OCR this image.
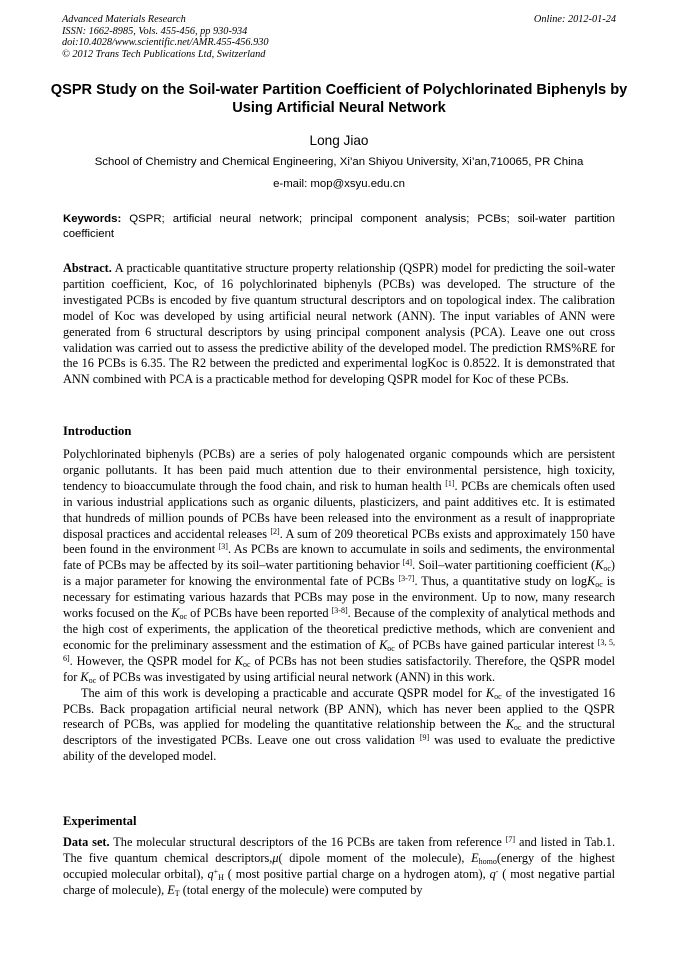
Advanced Materials Research
ISSN: 1662-8985, Vols. 455-456, pp 930-934
doi:10.4028/www.scientific.net/AMR.455-456.930
© 2012 Trans Tech Publications Ltd, Switzerland
Online: 2012-01-24
QSPR Study on the Soil-water Partition Coefficient of Polychlorinated Biphenyls by Using Artificial Neural Network
Long Jiao
School of Chemistry and Chemical Engineering, Xi’an Shiyou University, Xi’an,710065, PR China
e-mail: mop@xsyu.edu.cn
Keywords: QSPR; artificial neural network; principal component analysis; PCBs; soil-water partition coefficient
Abstract. A practicable quantitative structure property relationship (QSPR) model for predicting the soil-water partition coefficient, Koc, of 16 polychlorinated biphenyls (PCBs) was developed. The structure of the investigated PCBs is encoded by five quantum structural descriptors and on topological index. The calibration model of Koc was developed by using artificial neural network (ANN). The input variables of ANN were generated from 6 structural descriptors by using principal component analysis (PCA). Leave one out cross validation was carried out to assess the predictive ability of the developed model. The prediction RMS%RE for the 16 PCBs is 6.35. The R2 between the predicted and experimental logKoc is 0.8522. It is demonstrated that ANN combined with PCA is a practicable method for developing QSPR model for Koc of these PCBs.
Introduction

Polychlorinated biphenyls (PCBs) are a series of poly halogenated organic compounds which are persistent organic pollutants. It has been paid much attention due to their environmental persistence, high toxicity, tendency to bioaccumulate through the food chain, and risk to human health [1]. PCBs are chemicals often used in various industrial applications such as organic diluents, plasticizers, and paint additives etc. It is estimated that hundreds of million pounds of PCBs have been released into the environment as a result of inappropriate disposal practices and accidental releases [2]. A sum of 209 theoretical PCBs exists and approximately 150 have been found in the environment [3]. As PCBs are known to accumulate in soils and sediments, the environmental fate of PCBs may be affected by its soil–water partitioning behavior [4]. Soil–water partitioning coefficient $(K_{oc})$ is a major parameter for knowing the environmental fate of PCBs [3-7]. Thus, a quantitative study on logK$_{oc}$ is necessary for estimating various hazards that PCBs may pose in the environment. Up to now, many research works focused on the $K_{oc}$ of PCBs have been reported [3-8]. Because of the complexity of analytical methods and the high cost of experiments, the application of the theoretical predictive methods, which are convenient and economic for the preliminary assessment and the estimation of $K_{oc}$ of PCBs have gained particular interest [3, 5, 6]. However, the QSPR model for $K_{oc}$ of PCBs has not been studies satisfactorily. Therefore, the QSPR model for $K_{oc}$ of PCBs was investigated by using artificial neural network (ANN) in this work.

The aim of this work is developing a practicable and accurate QSPR model for $K_{oc}$ of the investigated 16 PCBs. Back propagation artificial neural network (BP ANN), which has never been applied to the QSPR research of PCBs, was applied for modeling the quantitative relationship between the $K_{oc}$ and the structural descriptors of the investigated PCBs. Leave one out cross validation [9] was used to evaluate the predictive ability of the developed model.

Experimental

Data set. The molecular structural descriptors of the 16 PCBs are taken from reference [7] and listed in Tab.1. The five quantum chemical descriptors,μ( dipole moment of the molecule), $E_{homo}(energy$ of the highest occupied molecular orbital), $q^+_H$ ( most positive partial charge on a hydrogen atom), q- ( most negative partial charge of molecule), $E_T$ (total energy of the molecule) were computed by
